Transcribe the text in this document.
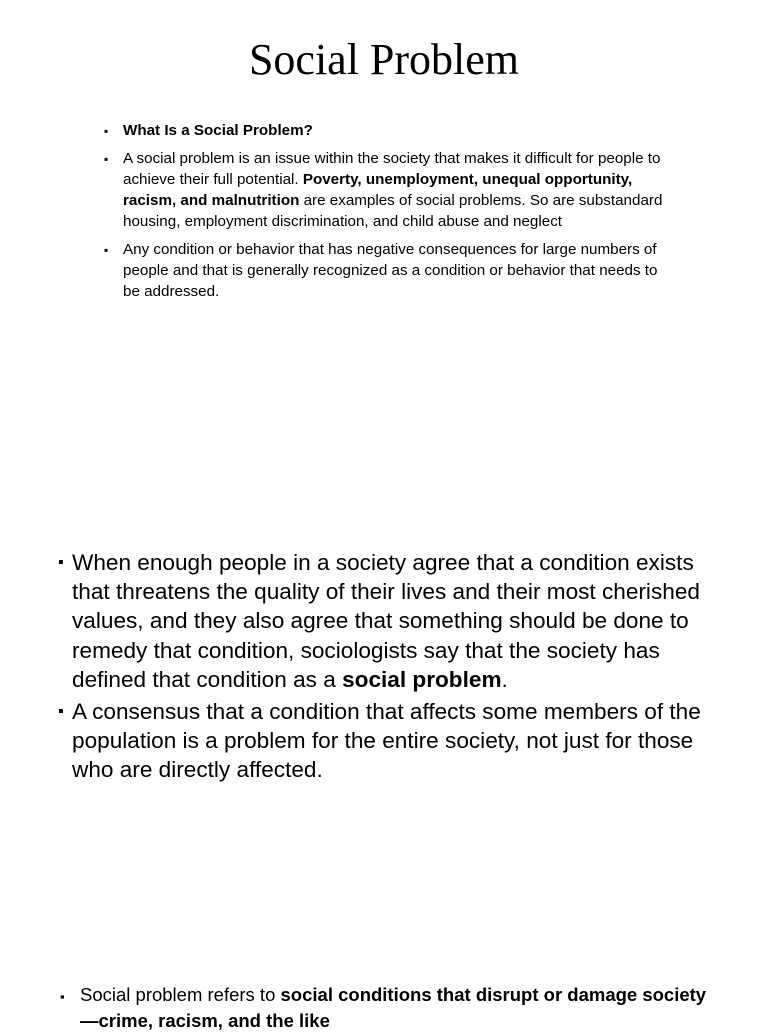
Social Problem
▪ What Is a Social Problem?
▪ A social problem is an issue within the society that makes it difficult for people to achieve their full potential. Poverty, unemployment, unequal opportunity, racism, and malnutrition are examples of social problems. So are substandard housing, employment discrimination, and child abuse and neglect
▪ Any condition or behavior that has negative consequences for large numbers of people and that is generally recognized as a condition or behavior that needs to be addressed.
▪ When enough people in a society agree that a condition exists that threatens the quality of their lives and their most cherished values, and they also agree that something should be done to remedy that condition, sociologists say that the society has defined that condition as a social problem.
▪ A consensus that a condition that affects some members of the population is a problem for the entire society, not just for those who are directly affected.
▪ Social problem refers to social conditions that disrupt or damage society—crime, racism, and the like
